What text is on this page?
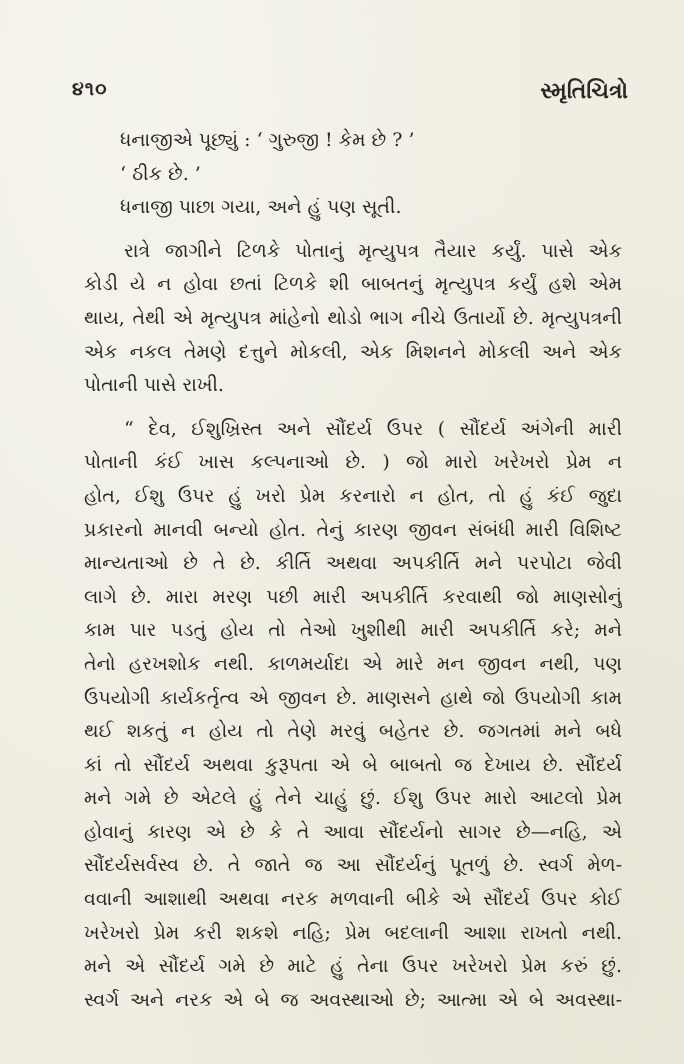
૪૧૦	સ્મૃતિચિત્રો
ધનાજીએ પૂછ્યું : ‘ ગુરુજી ! કેમ છે ? ’
‘ ઠીક છે. ’
ધનાજી પાછા ગયા, અને હું પણ સૂતી.
રાત્રે જાગીને ટિળકે પોતાનું મૃત્યુપત્ર તૈયાર કર્યું. પાસે એક
કોડી યે ન હોવા છતાં ટિળકે શી બાબતનું મૃત્યુપત્ર કર્યું હશે એમ
થાય, તેથી એ મૃત્યુપત્ર માંહેનો થોડો ભાગ નીચે ઉતાર્યો છે. મૃત્યુપત્રની
એક નકલ તેમણે દત્તુને મોકલી, એક મિશનને મોકલી અને એક
પોતાની પાસે રાખી.
“ દેવ, ઈશુખ્રિસ્ત અને સૌંદર્ય ઉપર ( સૌંદર્ય અંગેની મારી
પોતાની કંઈ ખાસ કલ્પનાઓ છે. ) જો મારો ખરેખરો પ્રેમ ન
હોત, ઈશુ ઉપર હું ખરો પ્રેમ કરનારો ન હોત, તો હું કંઈ જુદા
પ્રકારનો માનવી બન્યો હોત. તેનું કારણ જીવન સંબંધી મારી વિશિષ્ટ
માન્યતાઓ છે તે છે. કીર્તિ અથવા અપકીર્તિ મને પરપોટા જેવી
લાગે છે. મારા મરણ પછી મારી અપકીર્તિ કરવાથી જો માણસોનું
કામ પાર પડતું હોય તો તેઓ ખુશીથી મારી અપકીર્તિ કરે; મને
તેનો હરખશોક નથી. કાળમર્યાદા એ મારે મન જીવન નથી, પણ
ઉપયોગી કાર્યકર્તૃત્વ એ જીવન છે. માણસને હાથે જો ઉપયોગી કામ
થઈ શકતું ન હોય તો તેણે મરવું બહેતર છે. જગતમાં મને બધે
કાં તો સૌંદર્ય અથવા કુરૂપતા એ બે બાબતો જ દેખાય છે. સૌંદર્ય
મને ગમે છે એટલે હું તેને ચાહું છું. ઈશુ ઉપર મારો આટલો પ્રેમ
હોવાનું કારણ એ છે કે તે આવા સૌંદર્યનો સાગર છે—નહિ, એ
સૌંદર્યસર્વસ્વ છે. તે જાતે જ આ સૌંદર્યનું પૂતળું છે. સ્વર્ગ મેળ-
વવાની આશાથી અથવા નરક મળવાની બીકે એ સૌંદર્ય ઉપર કોઈ
ખરેખરો પ્રેમ કરી શકશે નહિ; પ્રેમ બદલાની આશા રાખતો નથી.
મને એ સૌંદર્ય ગમે છે માટે હું તેના ઉપર ખરેખરો પ્રેમ કરું છું.
સ્વર્ગ અને નરક એ બે જ અવસ્થાઓ છે; આત્મા એ બે અવસ્થા-
